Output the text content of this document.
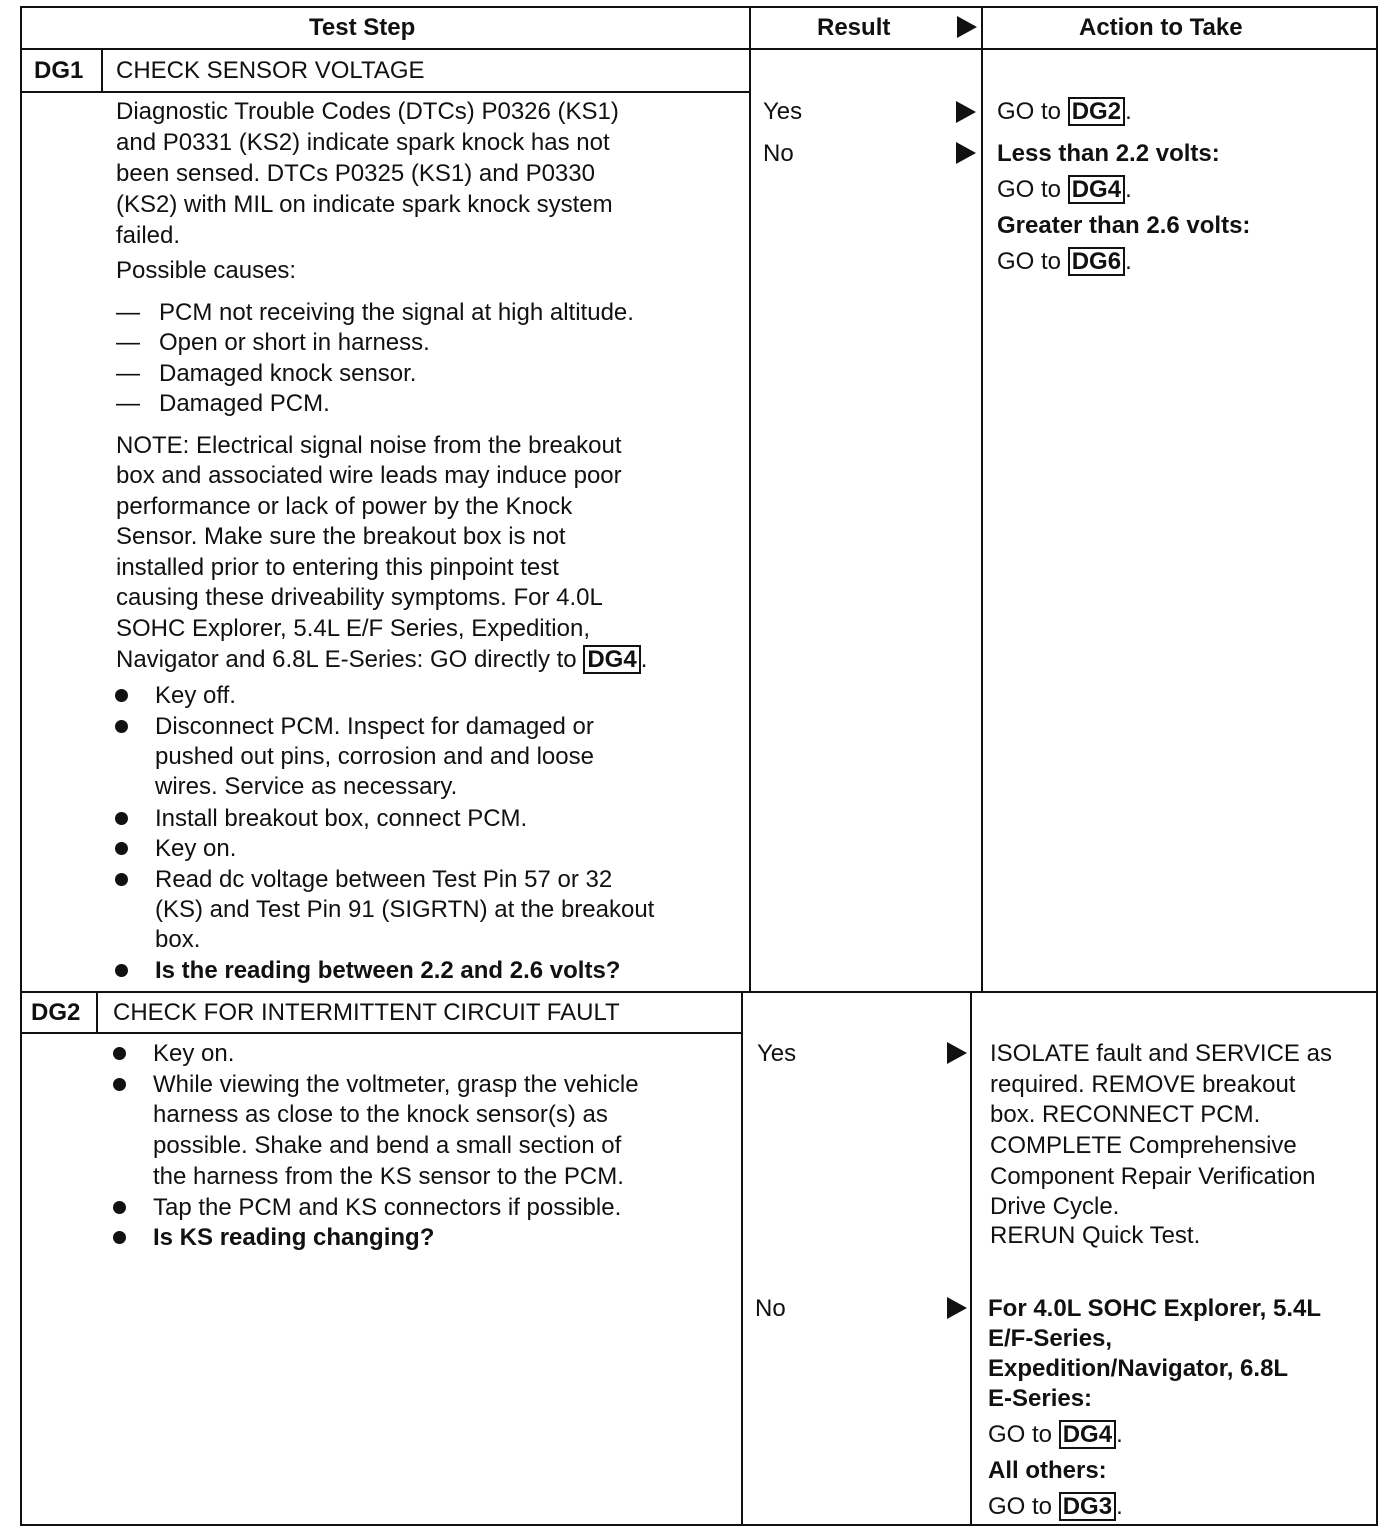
Test Step	Result	Action to Take
DG1 CHECK SENSOR VOLTAGE
Diagnostic Trouble Codes (DTCs) P0326 (KS1)
and P0331 (KS2) indicate spark knock has not
been sensed. DTCs P0325 (KS1) and P0330
(KS2) with MIL on indicate spark knock system
failed.
Possible causes:
— PCM not receiving the signal at high altitude.
— Open or short in harness.
— Damaged knock sensor.
— Damaged PCM.
NOTE: Electrical signal noise from the breakout
box and associated wire leads may induce poor
performance or lack of power by the Knock
Sensor. Make sure the breakout box is not
installed prior to entering this pinpoint test
causing these driveability symptoms. For 4.0L
SOHC Explorer, 5.4L E/F Series, Expedition,
Navigator and 6.8L E-Series: GO directly to DG4 .
Key off.
Disconnect PCM. Inspect for damaged or
pushed out pins, corrosion and and loose
wires. Service as necessary.
Install breakout box, connect PCM.
Key on.
Read dc voltage between Test Pin 57 or 32
(KS) and Test Pin 91 (SIGRTN) at the breakout
box.
Is the reading between 2.2 and 2.6 volts?
Yes
No
GO to DG2 .
Less than 2.2 volts:
GO to DG4 .
Greater than 2.6 volts:
GO to DG6 .
DG2 CHECK FOR INTERMITTENT CIRCUIT FAULT
Key on.
While viewing the voltmeter, grasp the vehicle
harness as close to the knock sensor(s) as
possible. Shake and bend a small section of
the harness from the KS sensor to the PCM.
Tap the PCM and KS connectors if possible.
Is KS reading changing?
Yes
No
ISOLATE fault and SERVICE as
required. REMOVE breakout
box. RECONNECT PCM.
COMPLETE Comprehensive
Component Repair Verification
Drive Cycle.
RERUN Quick Test.
For 4.0L SOHC Explorer, 5.4L
E/F-Series,
Expedition/Navigator, 6.8L
E-Series:
GO to DG4 .
All others:
GO to DG3 .
